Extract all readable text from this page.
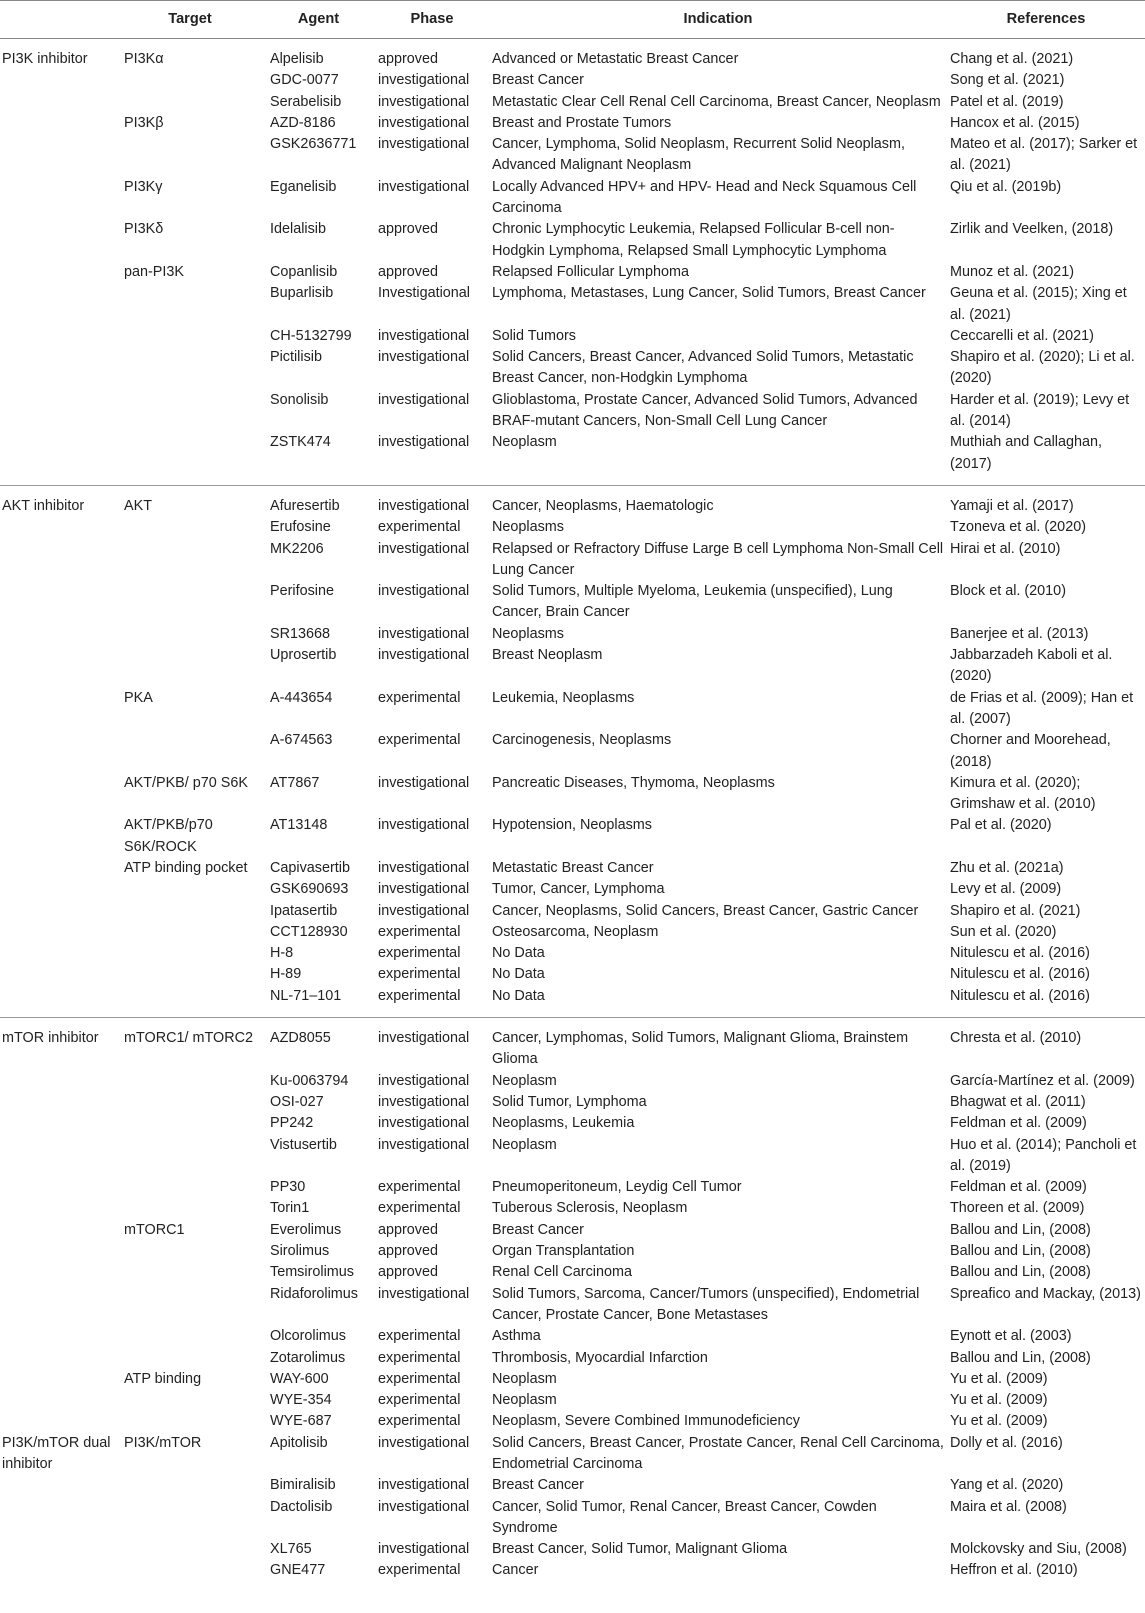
	Target	Agent	Phase	Indication	References
PI3K inhibitor	PI3Kα	Alpelisib	approved	Advanced or Metastatic Breast Cancer	Chang et al. (2021)
		GDC-0077	investigational	Breast Cancer	Song et al. (2021)
		Serabelisib	investigational	Metastatic Clear Cell Renal Cell Carcinoma, Breast Cancer, Neoplasm	Patel et al. (2019)
	PI3Kβ	AZD-8186	investigational	Breast and Prostate Tumors	Hancox et al. (2015)
		GSK2636771	investigational	Cancer, Lymphoma, Solid Neoplasm, Recurrent Solid Neoplasm, Advanced Malignant Neoplasm	Mateo et al. (2017); Sarker et al. (2021)
	PI3Kγ	Eganelisib	investigational	Locally Advanced HPV+ and HPV- Head and Neck Squamous Cell Carcinoma	Qiu et al. (2019b)
	PI3Kδ	Idelalisib	approved	Chronic Lymphocytic Leukemia, Relapsed Follicular B-cell non-Hodgkin Lymphoma, Relapsed Small Lymphocytic Lymphoma	Zirlik and Veelken, (2018)
	pan-PI3K	Copanlisib	approved	Relapsed Follicular Lymphoma	Munoz et al. (2021)
		Buparlisib	Investigational	Lymphoma, Metastases, Lung Cancer, Solid Tumors, Breast Cancer	Geuna et al. (2015); Xing et al. (2021)
		CH-5132799	investigational	Solid Tumors	Ceccarelli et al. (2021)
		Pictilisib	investigational	Solid Cancers, Breast Cancer, Advanced Solid Tumors, Metastatic Breast Cancer, non-Hodgkin Lymphoma	Shapiro et al. (2020); Li et al. (2020)
		Sonolisib	investigational	Glioblastoma, Prostate Cancer, Advanced Solid Tumors, Advanced BRAF-mutant Cancers, Non-Small Cell Lung Cancer	Harder et al. (2019); Levy et al. (2014)
		ZSTK474	investigational	Neoplasm	Muthiah and Callaghan, (2017)
AKT inhibitor	AKT	Afuresertib	investigational	Cancer, Neoplasms, Haematologic	Yamaji et al. (2017)
		Erufosine	experimental	Neoplasms	Tzoneva et al. (2020)
		MK2206	investigational	Relapsed or Refractory Diffuse Large B cell Lymphoma Non-Small Cell Lung Cancer	Hirai et al. (2010)
		Perifosine	investigational	Solid Tumors, Multiple Myeloma, Leukemia (unspecified), Lung Cancer, Brain Cancer	Block et al. (2010)
		SR13668	investigational	Neoplasms	Banerjee et al. (2013)
		Uprosertib	investigational	Breast Neoplasm	Jabbarzadeh Kaboli et al. (2020)
	PKA	A-443654	experimental	Leukemia, Neoplasms	de Frias et al. (2009); Han et al. (2007)
		A-674563	experimental	Carcinogenesis, Neoplasms	Chorner and Moorehead, (2018)
	AKT/PKB/ p70 S6K	AT7867	investigational	Pancreatic Diseases, Thymoma, Neoplasms	Kimura et al. (2020); Grimshaw et al. (2010)
	AKT/PKB/p70 S6K/ROCK	AT13148	investigational	Hypotension, Neoplasms	Pal et al. (2020)
	ATP binding pocket	Capivasertib	investigational	Metastatic Breast Cancer	Zhu et al. (2021a)
		GSK690693	investigational	Tumor, Cancer, Lymphoma	Levy et al. (2009)
		Ipatasertib	investigational	Cancer, Neoplasms, Solid Cancers, Breast Cancer, Gastric Cancer	Shapiro et al. (2021)
		CCT128930	experimental	Osteosarcoma, Neoplasm	Sun et al. (2020)
		H-8	experimental	No Data	Nitulescu et al. (2016)
		H-89	experimental	No Data	Nitulescu et al. (2016)
		NL-71–101	experimental	No Data	Nitulescu et al. (2016)
mTOR inhibitor	mTORC1/ mTORC2	AZD8055	investigational	Cancer, Lymphomas, Solid Tumors, Malignant Glioma, Brainstem Glioma	Chresta et al. (2010)
		Ku-0063794	investigational	Neoplasm	García-Martínez et al. (2009)
		OSI-027	investigational	Solid Tumor, Lymphoma	Bhagwat et al. (2011)
		PP242	investigational	Neoplasms, Leukemia	Feldman et al. (2009)
		Vistusertib	investigational	Neoplasm	Huo et al. (2014); Pancholi et al. (2019)
		PP30	experimental	Pneumoperitoneum, Leydig Cell Tumor	Feldman et al. (2009)
		Torin1	experimental	Tuberous Sclerosis, Neoplasm	Thoreen et al. (2009)
	mTORC1	Everolimus	approved	Breast Cancer	Ballou and Lin, (2008)
		Sirolimus	approved	Organ Transplantation	Ballou and Lin, (2008)
		Temsirolimus	approved	Renal Cell Carcinoma	Ballou and Lin, (2008)
		Ridaforolimus	investigational	Solid Tumors, Sarcoma, Cancer/Tumors (unspecified), Endometrial Cancer, Prostate Cancer, Bone Metastases	Spreafico and Mackay, (2013)
		Olcorolimus	experimental	Asthma	Eynott et al. (2003)
		Zotarolimus	experimental	Thrombosis, Myocardial Infarction	Ballou and Lin, (2008)
	ATP binding	WAY-600	experimental	Neoplasm	Yu et al. (2009)
		WYE-354	experimental	Neoplasm	Yu et al. (2009)
		WYE-687	experimental	Neoplasm, Severe Combined Immunodeficiency	Yu et al. (2009)
PI3K/mTOR dual inhibitor	PI3K/mTOR	Apitolisib	investigational	Solid Cancers, Breast Cancer, Prostate Cancer, Renal Cell Carcinoma, Endometrial Carcinoma	Dolly et al. (2016)
		Bimiralisib	investigational	Breast Cancer	Yang et al. (2020)
		Dactolisib	investigational	Cancer, Solid Tumor, Renal Cancer, Breast Cancer, Cowden Syndrome	Maira et al. (2008)
		XL765	investigational	Breast Cancer, Solid Tumor, Malignant Glioma	Molckovsky and Siu, (2008)
		GNE477	experimental	Cancer	Heffron et al. (2010)
